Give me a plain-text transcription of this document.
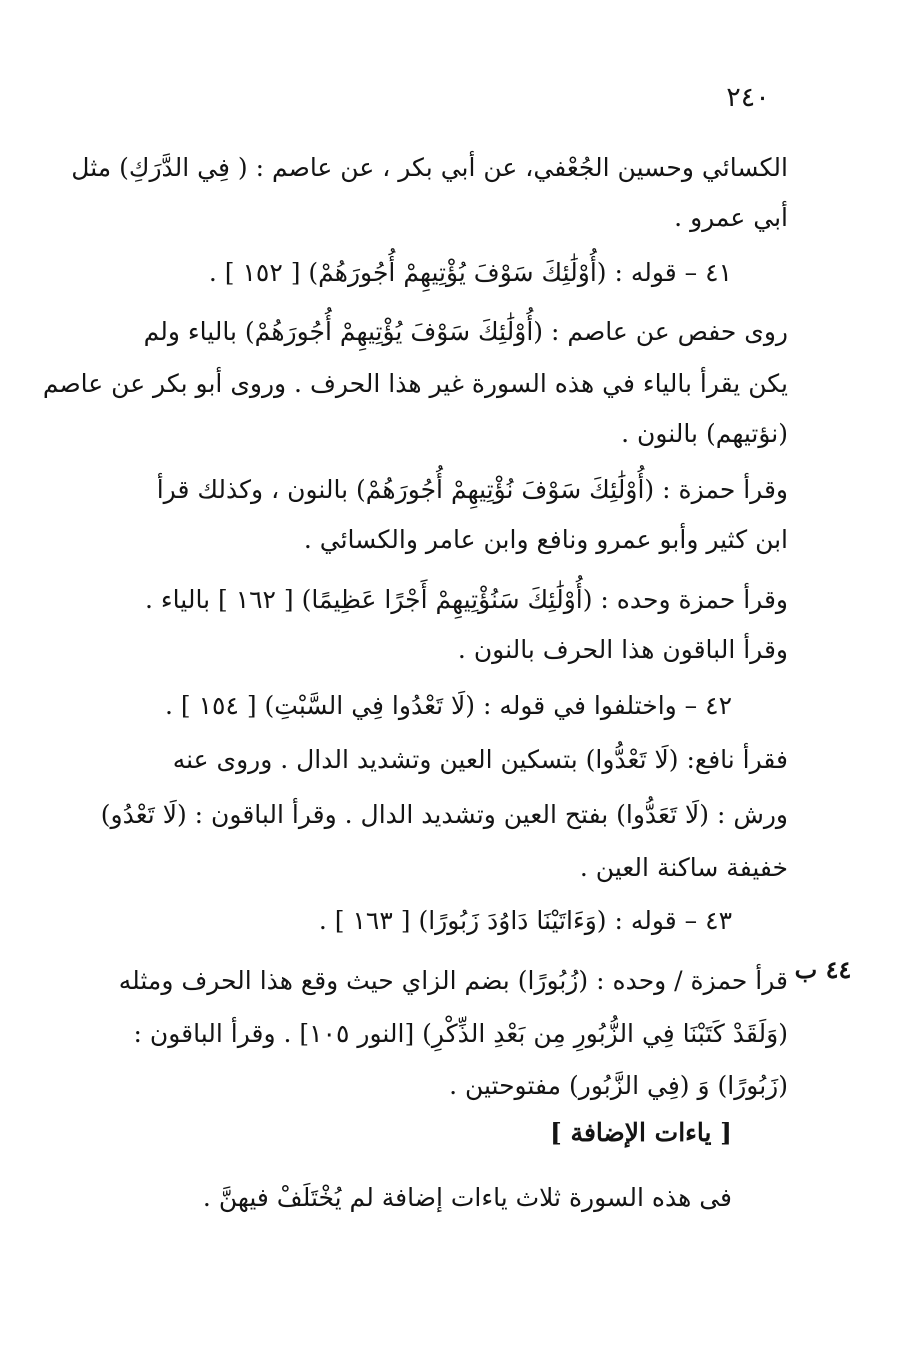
٢٤٠
الكسائي وحسين الجُعْفي، عن أبي بكر ، عن عاصم : ( فِي الدَّرَكِ) مثل
أبي عمرو .
٤١ – قوله : (أُوْلَٰئِكَ سَوْفَ يُؤْتِيهِمْ أُجُورَهُمْ) [ ١٥٢ ] .
روى حفص عن عاصم : (أُوْلَٰئِكَ سَوْفَ يُؤْتِيهِمْ أُجُورَهُمْ) بالياء ولم
يكن يقرأ بالياء في هذه السورة غير هذا الحرف . وروى أبو بكر عن عاصم
(نؤتيهم) بالنون .
وقرأ حمزة : (أُوْلَٰئِكَ سَوْفَ نُؤْتِيهِمْ أُجُورَهُمْ) بالنون ، وكذلك قرأ
ابن كثير وأبو عمرو ونافع وابن عامر والكسائي .
وقرأ حمزة وحده : (أُوْلَٰئِكَ سَنُؤْتِيهِمْ أَجْرًا عَظِيمًا) [ ١٦٢ ] بالياء .
وقرأ الباقون هذا الحرف بالنون .
٤٢ – واختلفوا في قوله : (لَا تَعْدُوا فِي السَّبْتِ) [ ١٥٤ ] .
فقرأ نافع: (لَا تَعْدُّوا) بتسكين العين وتشديد الدال . وروى عنه
ورش : (لَا تَعَدُّوا) بفتح العين وتشديد الدال . وقرأ الباقون : (لَا تَعْدُو)
خفيفة ساكنة العين .
٤٣ – قوله : (وَءَاتَيْنَا دَاوُدَ زَبُورًا) [ ١٦٣ ] .
٤٤ ب
قرأ حمزة / وحده : (زُبُورًا) بضم الزاي حيث وقع هذا الحرف ومثله
(وَلَقَدْ كَتَبْنَا فِي الزُّبُورِ مِن بَعْدِ الذِّكْرِ) [النور ١٠٥] . وقرأ الباقون :
(زَبُورًا) وَ (فِي الزَّبُور) مفتوحتين .
[ ياءات الإضافة ]
فى هذه السورة ثلاث ياءات إضافة لم يُخْتَلَفْ فيهنَّ .
